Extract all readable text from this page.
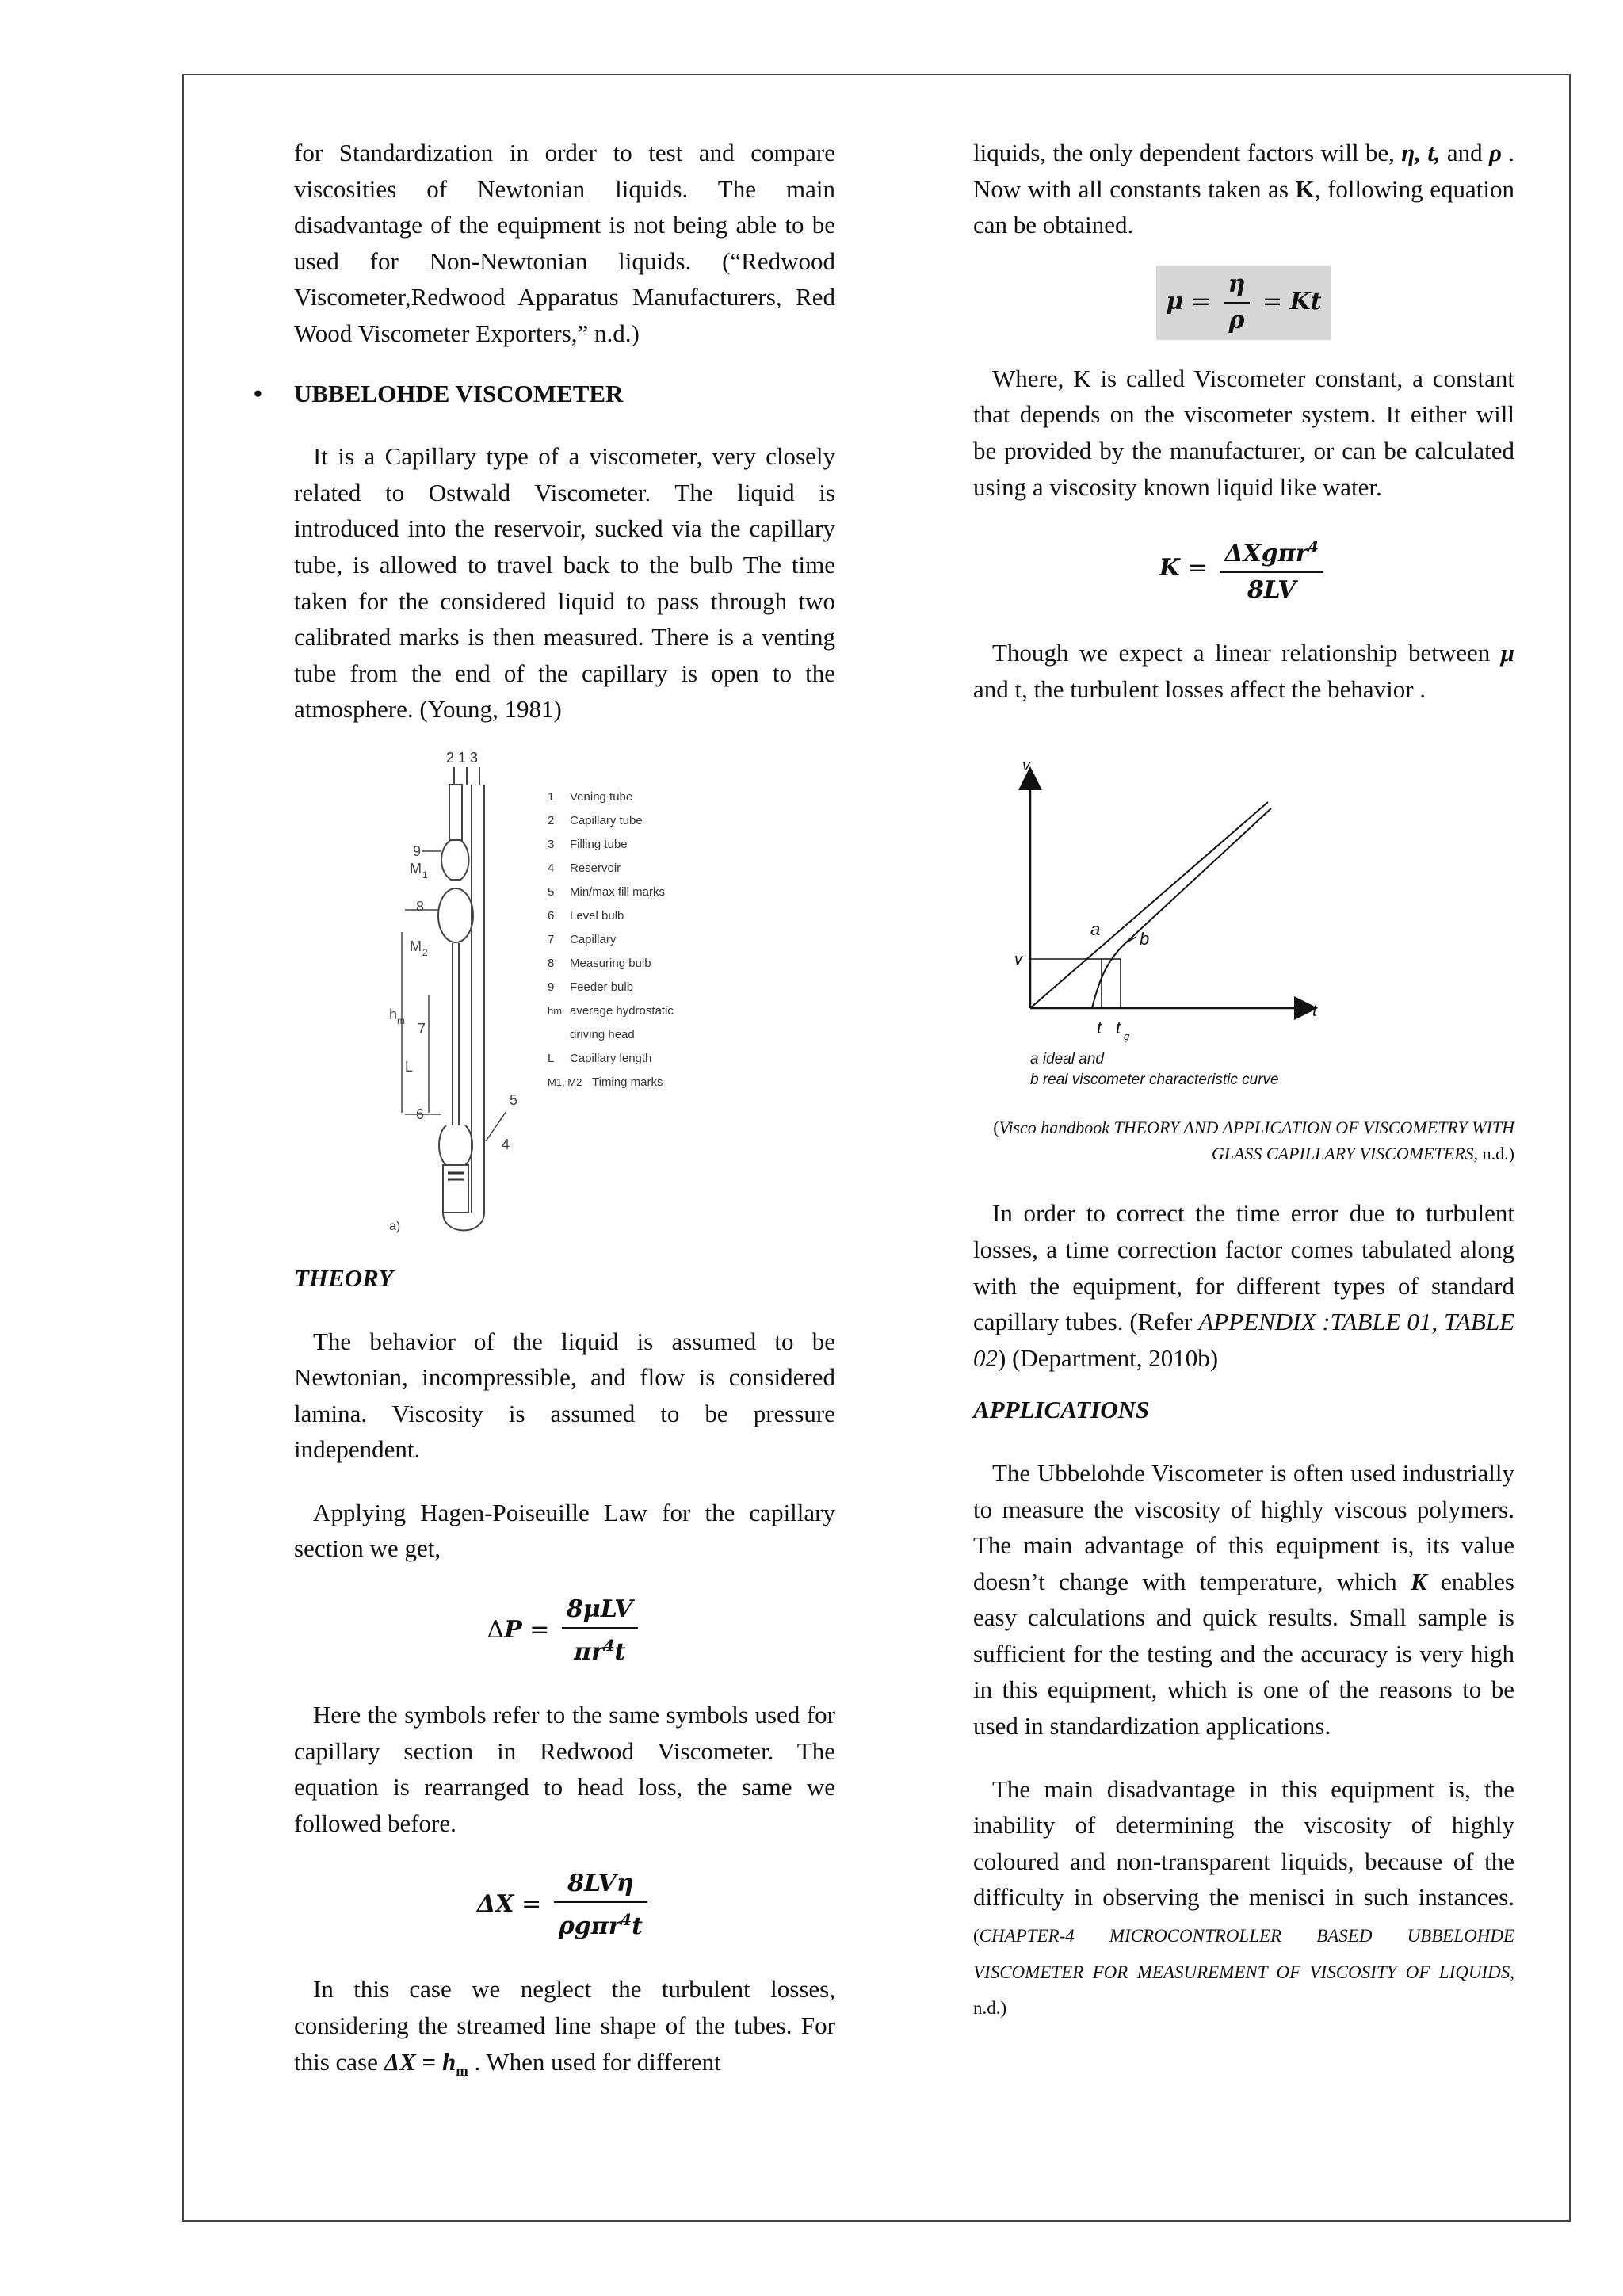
for Standardization in order to test and compare viscosities of Newtonian liquids. The main disadvantage of the equipment is not being able to be used for Non-Newtonian liquids. (“Redwood Viscometer,Redwood Apparatus Manufacturers, Red Wood Viscometer Exporters,” n.d.)

• UBBELOHDE VISCOMETER

It is a Capillary type of a viscometer, very closely related to Ostwald Viscometer. The liquid is introduced into the reservoir, sucked via the capillary tube, is allowed to travel back to the bulb The time taken for the considered liquid to pass through two calibrated marks is then measured. There is a venting tube from the end of the capillary is open to the atmosphere. (Young, 1981)

2 1 3
9
M 1
8
M 2
h m 7
L
6
5
4
a)
1 Vening tube
2 Capillary tube
3 Filling tube
4 Reservoir
5 Min/max fill marks
6 Level bulb
7 Capillary
8 Measuring bulb
9 Feeder bulb
hm average hydrostatic
driving head
L Capillary length
M1, M2 Timing marks

THEORY

The behavior of the liquid is assumed to be Newtonian, incompressible, and flow is considered lamina. Viscosity is assumed to be pressure independent.

Applying Hagen-Poiseuille Law for the capillary section we get,

$\Delta P = \frac{\text{8μLV}}{\pi r^4t}$

Here the symbols refer to the same symbols used for capillary section in Redwood Viscometer. The equation is rearranged to head loss, the same we followed before.

$\Delta X = \frac{\text{8LVη}}{\rho g\pi r^4t}$

In this case we neglect the turbulent losses, considering the streamed line shape of the tubes. For this case $\Delta X = h_m$ . When used for different

liquids, the only dependent factors will be, η, t, and ρ . Now with all constants taken as K, following equation can be obtained.

$\mu = \frac{\eta}{\rho} = Kt$

Where, K is called Viscometer constant, a constant that depends on the viscometer system. It either will be provided by the manufacturer, or can be calculated using a viscosity known liquid like water.

$K = \frac{\Delta Xg\pi r^4}{8LV}$

Though we expect a linear relationship between μ and t, the turbulent losses affect the behavior .

v
t
v
a b
t t g
a ideal and
b real viscometer characteristic curve

(Visco handbook THEORY AND APPLICATION OF VISCOMETRY WITH GLASS CAPILLARY VISCOMETERS, n.d.)

In order to correct the time error due to turbulent losses, a time correction factor comes tabulated along with the equipment, for different types of standard capillary tubes. (Refer APPENDIX :TABLE 01, TABLE 02) (Department, 2010b)

APPLICATIONS

The Ubbelohde Viscometer is often used industrially to measure the viscosity of highly viscous polymers. The main advantage of this equipment is, its value doesn’t change with temperature, which K enables easy calculations and quick results. Small sample is sufficient for the testing and the accuracy is very high in this equipment, which is one of the reasons to be used in standardization applications.

The main disadvantage in this equipment is, the inability of determining the viscosity of highly coloured and non-transparent liquids, because of the difficulty in observing the menisci in such instances. (CHAPTER-4 MICROCONTROLLER BASED UBBELOHDE VISCOMETER FOR MEASUREMENT OF VISCOSITY OF LIQUIDS, n.d.)
